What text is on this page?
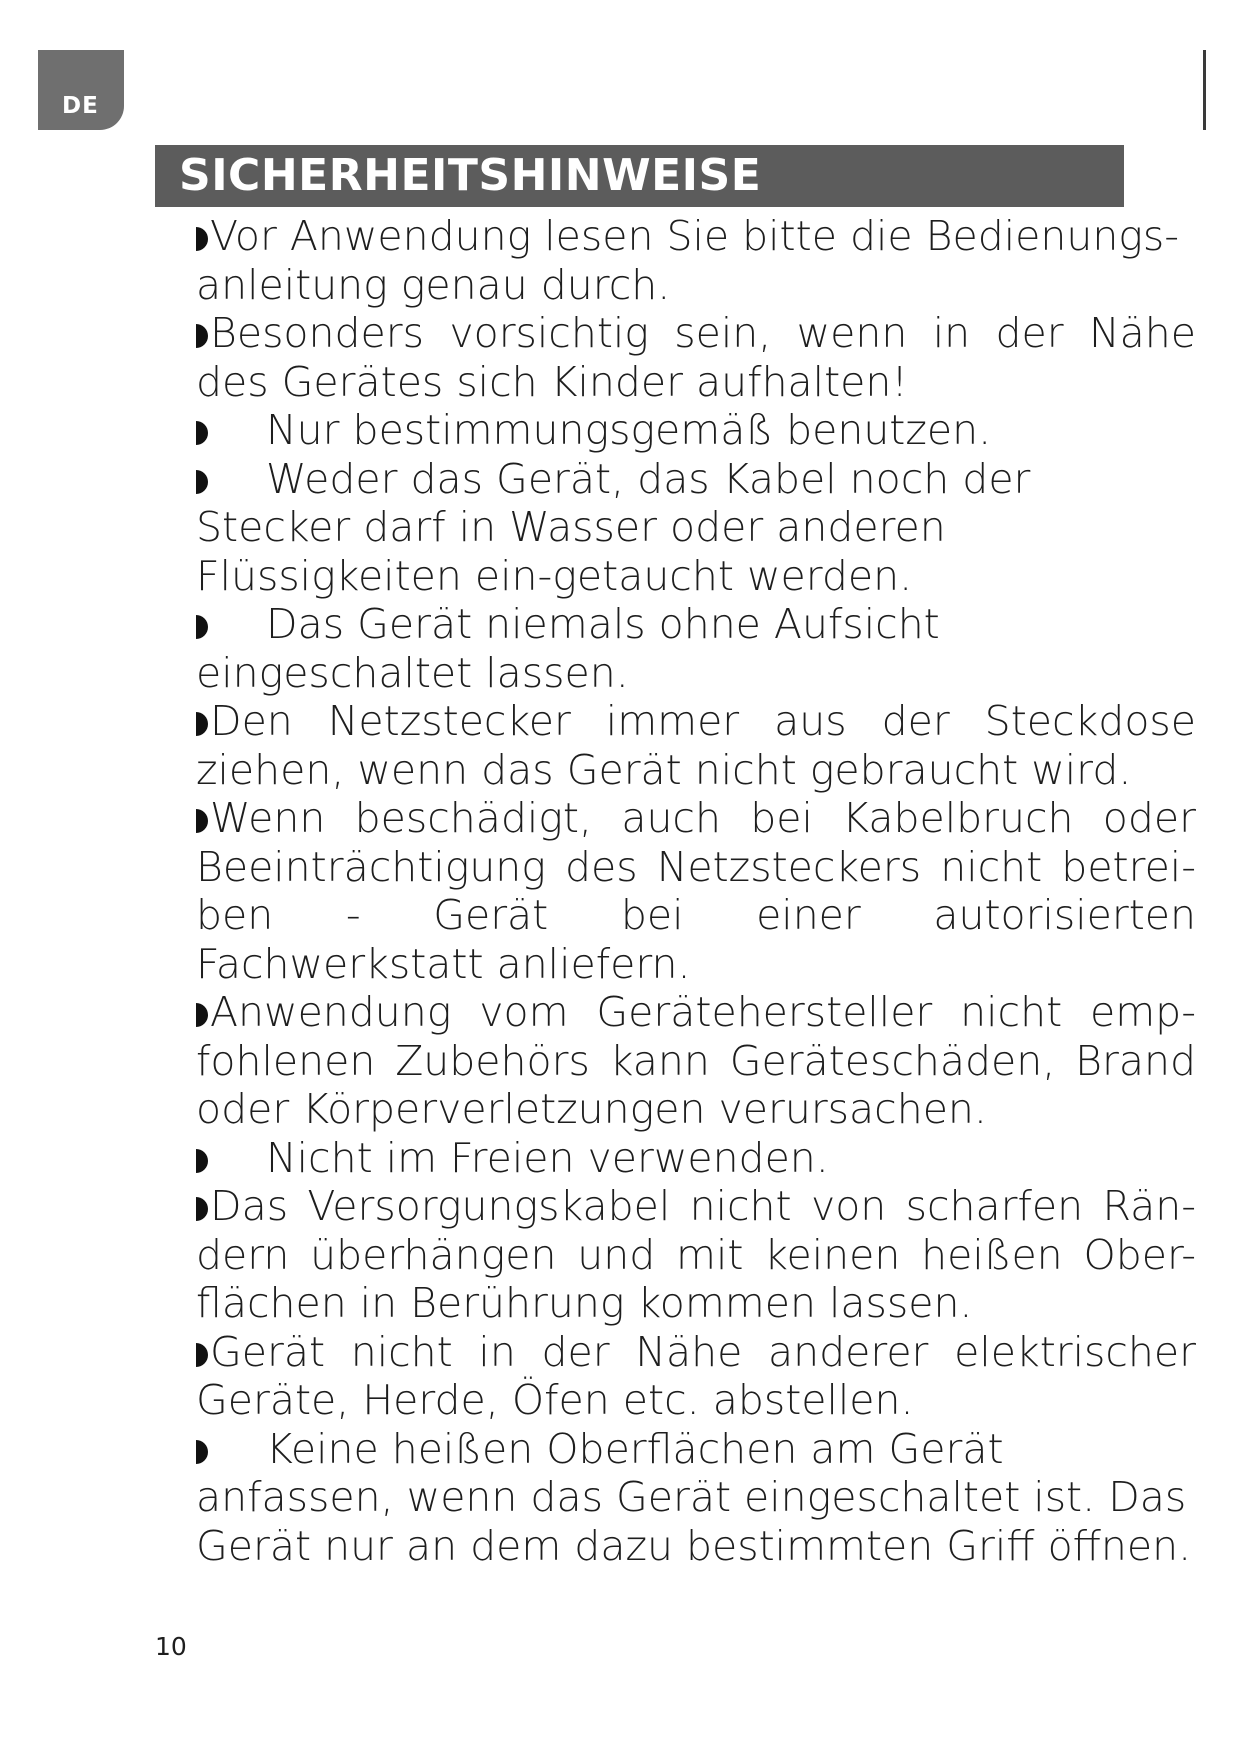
DE
SICHERHEITSHINWEISE

Vor Anwendung lesen Sie bitte die Bedienungs-anleitung genau durch.

Besonders vorsichtig sein, wenn in der Nähe des Gerätes sich Kinder aufhalten!

Nur bestimmungsgemäß benutzen.

Weder das Gerät, das Kabel noch der Stecker darf in Wasser oder anderen Flüssigkeiten ein-getaucht werden.

Das Gerät niemals ohne Aufsicht eingeschaltet lassen.

Den Netzstecker immer aus der Steckdose ziehen, wenn das Gerät nicht gebraucht wird.

Wenn beschädigt, auch bei Kabelbruch oder Beeinträchtigung des Netzsteckers nicht betrei-ben - Gerät bei einer autorisierten Fachwerkstatt anliefern.

Anwendung vom Gerätehersteller nicht emp-fohlenen Zubehörs kann Geräteschäden, Brand oder Körperverletzungen verursachen.

Nicht im Freien verwenden.

Das Versorgungskabel nicht von scharfen Rän-dern überhängen und mit keinen heißen Ober-flächen in Berührung kommen lassen.

Gerät nicht in der Nähe anderer elektrischer Geräte, Herde, Öfen etc. abstellen.

Keine heißen Oberflächen am Gerät anfassen, wenn das Gerät eingeschaltet ist. Das Gerät nur an dem dazu bestimmten Griff öffnen.

10
